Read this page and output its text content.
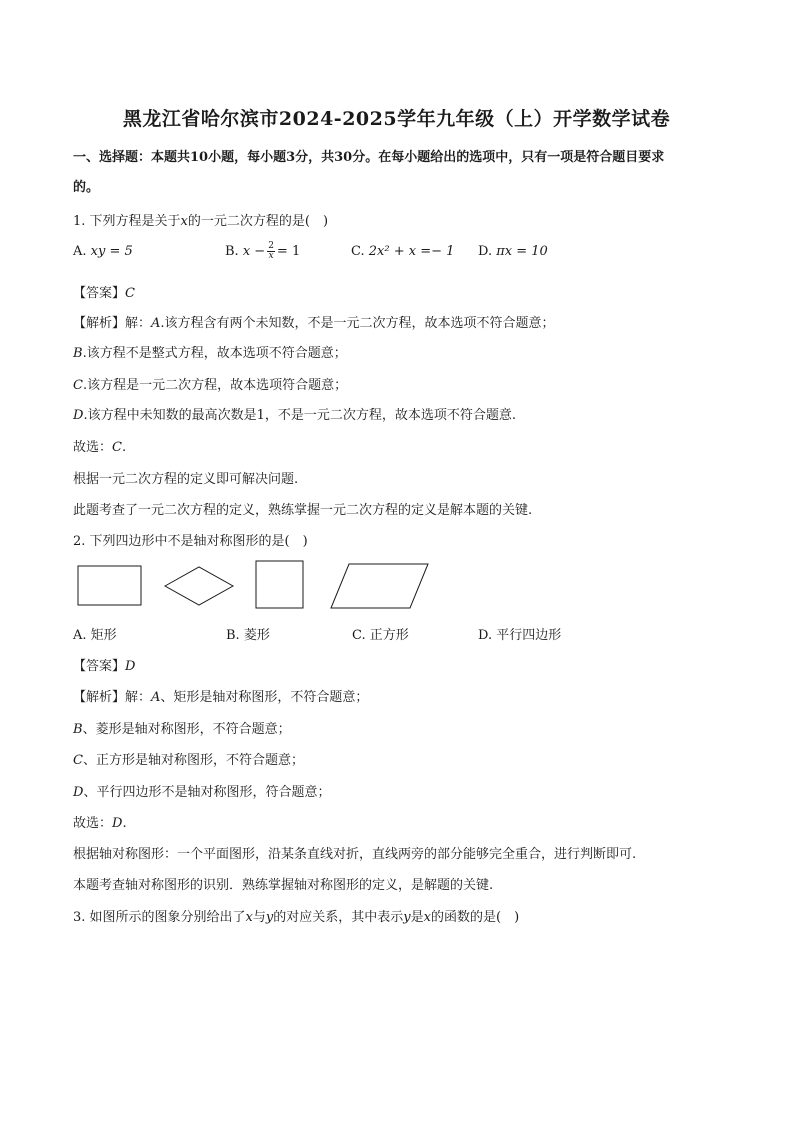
黑龙江省哈尔滨市2024-2025学年九年级（上）开学数学试卷
一、选择题：本题共10小题，每小题3分，共30分。在每小题给出的选项中，只有一项是符合题目要求
的。
1. 下列方程是关于x的一元二次方程的是(　)
A. xy = 5	B. $x - \frac{2}{x} = 1$	C. 2x² + x =− 1 D. πx = 10
【答案】C
【解析】解：A.该方程含有两个未知数，不是一元二次方程，故本选项不符合题意；
B.该方程不是整式方程，故本选项不符合题意；
C.该方程是一元二次方程，故本选项符合题意；
D.该方程中未知数的最高次数是1，不是一元二次方程，故本选项不符合题意.
故选：C.
根据一元二次方程的定义即可解决问题.
此题考查了一元二次方程的定义，熟练掌握一元二次方程的定义是解本题的关键.
2. 下列四边形中不是轴对称图形的是(　)
A. 矩形	B. 菱形	C. 正方形	D. 平行四边形
【答案】D
【解析】解：A、矩形是轴对称图形，不符合题意；
B、菱形是轴对称图形，不符合题意；
C、正方形是轴对称图形，不符合题意；
D、平行四边形不是轴对称图形，符合题意；
故选：D.
根据轴对称图形：一个平面图形，沿某条直线对折，直线两旁的部分能够完全重合，进行判断即可.
本题考查轴对称图形的识别．熟练掌握轴对称图形的定义，是解题的关键.
3. 如图所示的图象分别给出了x与y的对应关系，其中表示y是x的函数的是(　)
